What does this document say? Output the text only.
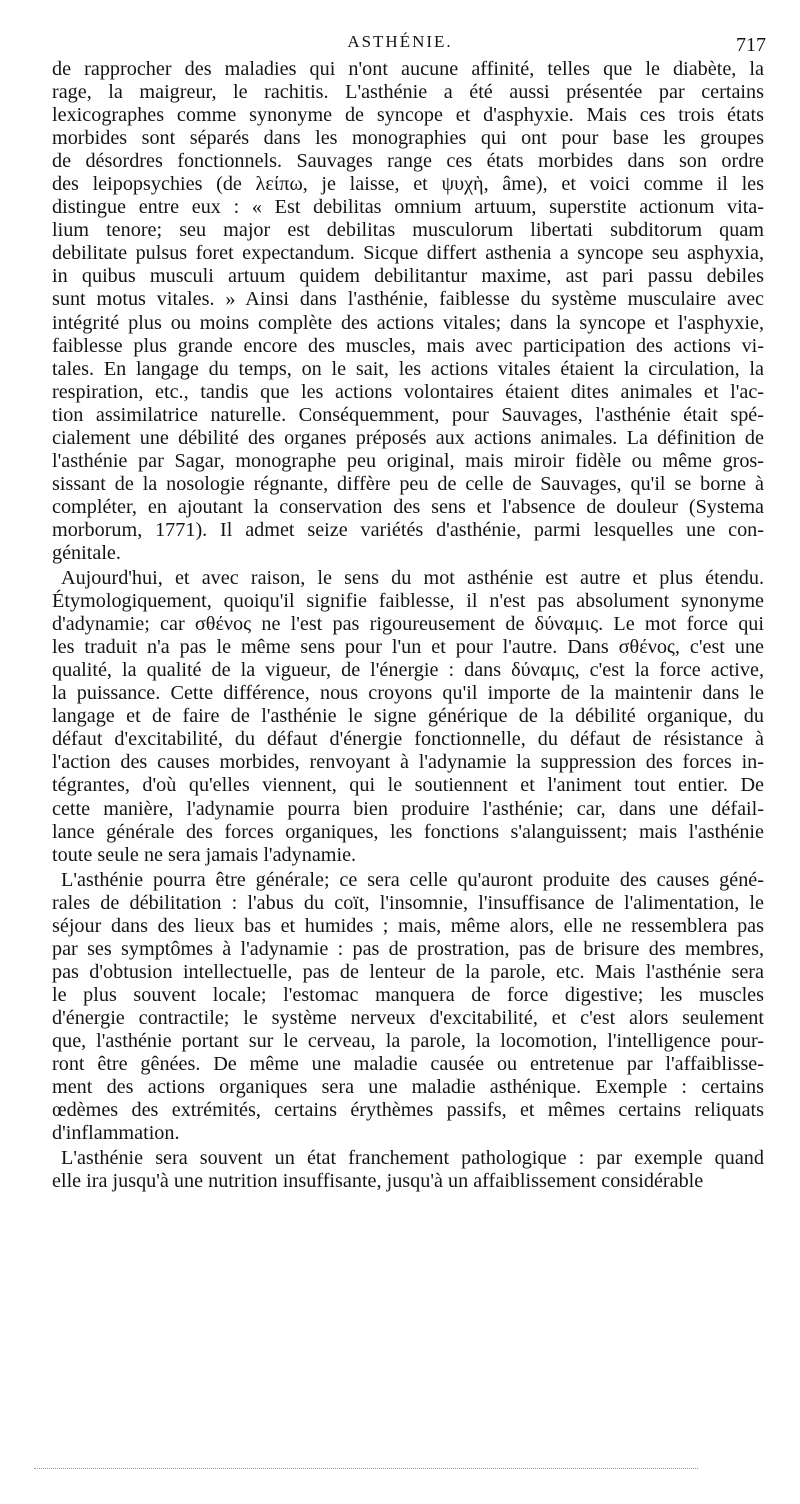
ASTHÉNIE.	717
de rapprocher des maladies qui n'ont aucune affinité, telles que le diabète, la
rage, la maigreur, le rachitis. L'asthénie a été aussi présentée par certains
lexicographes comme synonyme de syncope et d'asphyxie. Mais ces trois états
morbides sont séparés dans les monographies qui ont pour base les groupes
de désordres fonctionnels. Sauvages range ces états morbides dans son ordre
des leipopsychies (de λείπω, je laisse, et ψυχὴ, âme), et voici comme il les
distingue entre eux : « Est debilitas omnium artuum, superstite actionum vita-
lium tenore; seu major est debilitas musculorum libertati subditorum quam
debilitate pulsus foret expectandum. Sicque differt asthenia a syncope seu asphyxia,
in quibus musculi artuum quidem debilitantur maxime, ast pari passu debiles
sunt motus vitales. » Ainsi dans l'asthénie, faiblesse du système musculaire avec
intégrité plus ou moins complète des actions vitales; dans la syncope et l'asphyxie,
faiblesse plus grande encore des muscles, mais avec participation des actions vi-
tales. En langage du temps, on le sait, les actions vitales étaient la circulation, la
respiration, etc., tandis que les actions volontaires étaient dites animales et l'ac-
tion assimilatrice naturelle. Conséquemment, pour Sauvages, l'asthénie était spé-
cialement une débilité des organes préposés aux actions animales. La définition de
l'asthénie par Sagar, monographe peu original, mais miroir fidèle ou même gros-
sissant de la nosologie régnante, diffère peu de celle de Sauvages, qu'il se borne à
compléter, en ajoutant la conservation des sens et l'absence de douleur (Systema
morborum, 1771). Il admet seize variétés d'asthénie, parmi lesquelles une con-
génitale.
Aujourd'hui, et avec raison, le sens du mot asthénie est autre et plus étendu.
Étymologiquement, quoiqu'il signifie faiblesse, il n'est pas absolument synonyme
d'adynamie; car σθένος ne l'est pas rigoureusement de δύναμις. Le mot force qui
les traduit n'a pas le même sens pour l'un et pour l'autre. Dans σθένος, c'est une
qualité, la qualité de la vigueur, de l'énergie : dans δύναμις, c'est la force active,
la puissance. Cette différence, nous croyons qu'il importe de la maintenir dans le
langage et de faire de l'asthénie le signe générique de la débilité organique, du
défaut d'excitabilité, du défaut d'énergie fonctionnelle, du défaut de résistance à
l'action des causes morbides, renvoyant à l'adynamie la suppression des forces in-
tégrantes, d'où qu'elles viennent, qui le soutiennent et l'animent tout entier. De
cette manière, l'adynamie pourra bien produire l'asthénie; car, dans une défail-
lance générale des forces organiques, les fonctions s'alanguissent; mais l'asthénie
toute seule ne sera jamais l'adynamie.
L'asthénie pourra être générale; ce sera celle qu'auront produite des causes géné-
rales de débilitation : l'abus du coït, l'insomnie, l'insuffisance de l'alimentation, le
séjour dans des lieux bas et humides ; mais, même alors, elle ne ressemblera pas
par ses symptômes à l'adynamie : pas de prostration, pas de brisure des membres,
pas d'obtusion intellectuelle, pas de lenteur de la parole, etc. Mais l'asthénie sera
le plus souvent locale; l'estomac manquera de force digestive; les muscles
d'énergie contractile; le système nerveux d'excitabilité, et c'est alors seulement
que, l'asthénie portant sur le cerveau, la parole, la locomotion, l'intelligence pour-
ront être gênées. De même une maladie causée ou entretenue par l'affaiblisse-
ment des actions organiques sera une maladie asthénique. Exemple : certains
œdèmes des extrémités, certains érythèmes passifs, et mêmes certains reliquats
d'inflammation.
L'asthénie sera souvent un état franchement pathologique : par exemple quand
elle ira jusqu'à une nutrition insuffisante, jusqu'à un affaiblissement considérable
